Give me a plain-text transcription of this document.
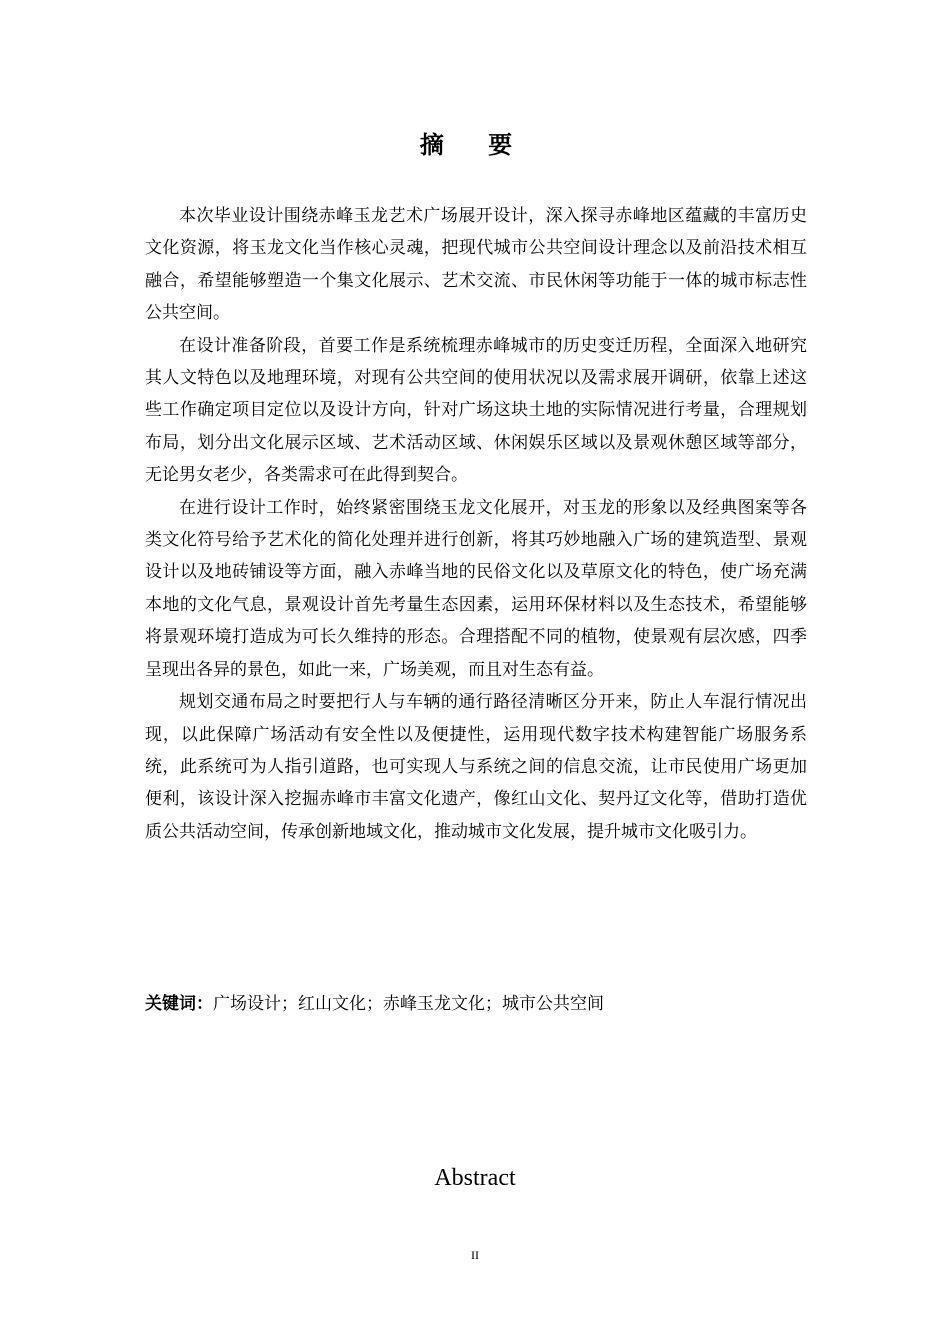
摘 要

本次毕业设计围绕赤峰玉龙艺术广场展开设计，深入探寻赤峰地区蕴藏的丰富历史文化资源，将玉龙文化当作核心灵魂，把现代城市公共空间设计理念以及前沿技术相互融合，希望能够塑造一个集文化展示、艺术交流、市民休闲等功能于一体的城市标志性公共空间。

在设计准备阶段，首要工作是系统梳理赤峰城市的历史变迁历程，全面深入地研究其人文特色以及地理环境，对现有公共空间的使用状况以及需求展开调研，依靠上述这些工作确定项目定位以及设计方向，针对广场这块土地的实际情况进行考量，合理规划布局，划分出文化展示区域、艺术活动区域、休闲娱乐区域以及景观休憩区域等部分，无论男女老少，各类需求可在此得到契合。

在进行设计工作时，始终紧密围绕玉龙文化展开，对玉龙的形象以及经典图案等各类文化符号给予艺术化的简化处理并进行创新，将其巧妙地融入广场的建筑造型、景观设计以及地砖铺设等方面，融入赤峰当地的民俗文化以及草原文化的特色，使广场充满本地的文化气息，景观设计首先考量生态因素，运用环保材料以及生态技术，希望能够将景观环境打造成为可长久维持的形态。合理搭配不同的植物，使景观有层次感，四季呈现出各异的景色，如此一来，广场美观，而且对生态有益。

规划交通布局之时要把行人与车辆的通行路径清晰区分开来，防止人车混行情况出现，以此保障广场活动有安全性以及便捷性，运用现代数字技术构建智能广场服务系统，此系统可为人指引道路，也可实现人与系统之间的信息交流，让市民使用广场更加便利，该设计深入挖掘赤峰市丰富文化遗产，像红山文化、契丹辽文化等，借助打造优质公共活动空间，传承创新地域文化，推动城市文化发展，提升城市文化吸引力。

关键词：广场设计；红山文化；赤峰玉龙文化；城市公共空间
Abstract
II
